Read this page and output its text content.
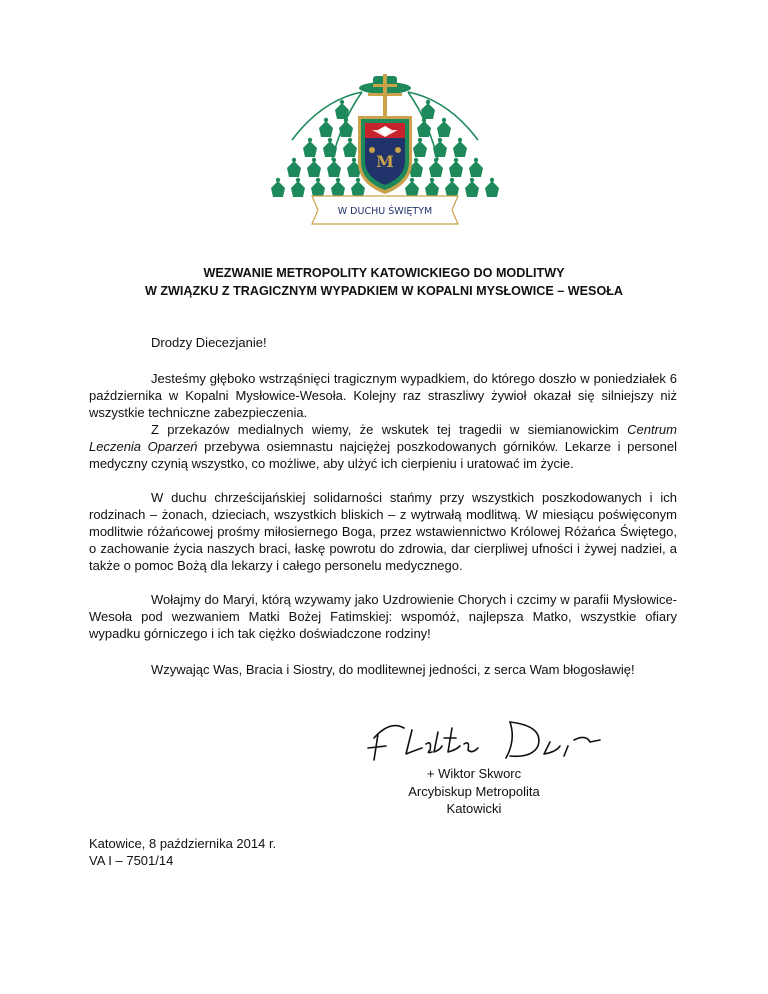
M
W DUCHU ŚWIĘTYM
WEZWANIE METROPOLITY KATOWICKIEGO DO MODLITWY
W ZWIĄZKU Z TRAGICZNYM WYPADKIEM W KOPALNI MYSŁOWICE – WESOŁA

Drodzy Diecezjanie!

Jesteśmy głęboko wstrząśnięci tragicznym wypadkiem, do którego doszło w poniedziałek 6 października w Kopalni Mysłowice-Wesoła. Kolejny raz straszliwy żywioł okazał się silniejszy niż wszystkie techniczne zabezpieczenia.

Z przekazów medialnych wiemy, że wskutek tej tragedii w siemianowickim Centrum Leczenia Oparzeń przebywa osiemnastu najciężej poszkodowanych górników. Lekarze i personel medyczny czynią wszystko, co możliwe, aby ulżyć ich cierpieniu i uratować im życie.

W duchu chrześcijańskiej solidarności stańmy przy wszystkich poszkodowanych i ich rodzinach – żonach, dzieciach, wszystkich bliskich – z wytrwałą modlitwą. W miesiącu poświęconym modlitwie różańcowej prośmy miłosiernego Boga, przez wstawiennictwo Królowej Różańca Świętego, o zachowanie życia naszych braci, łaskę powrotu do zdrowia, dar cierpliwej ufności i żywej nadziei, a także o pomoc Bożą dla lekarzy i całego personelu medycznego.

Wołajmy do Maryi, którą wzywamy jako Uzdrowienie Chorych i czcimy w parafii Mysłowice-Wesoła pod wezwaniem Matki Bożej Fatimskiej: wspomóż, najlepsza Matko, wszystkie ofiary wypadku górniczego i ich tak ciężko doświadczone rodziny!

Wzywając Was, Bracia i Siostry, do modlitewnej jedności, z serca Wam błogosławię!

+ Wiktor Skworc
Arcybiskup Metropolita
Katowicki
Katowice, 8 października 2014 r.
VA I – 7501/14
